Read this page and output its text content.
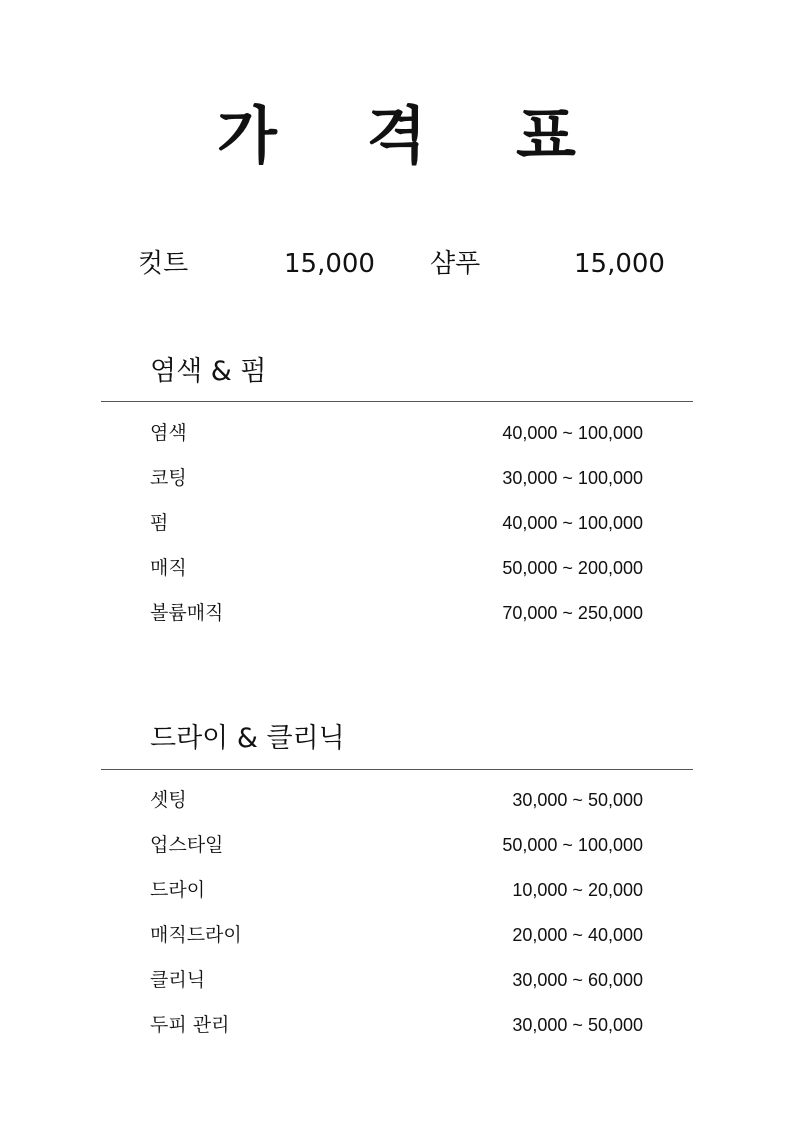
가 격 표
컷트	15,000 샴푸	15,000
염색 & 펌
염색	40,000 ~ 100,000
코팅	30,000 ~ 100,000
펌	40,000 ~ 100,000
매직	50,000 ~ 200,000
볼륨매직	70,000 ~ 250,000
드라이 & 클리닉
셋팅	30,000 ~ 50,000
업스타일	50,000 ~ 100,000
드라이	10,000 ~ 20,000
매직드라이	20,000 ~ 40,000
클리닉	30,000 ~ 60,000
두피 관리	30,000 ~ 50,000
